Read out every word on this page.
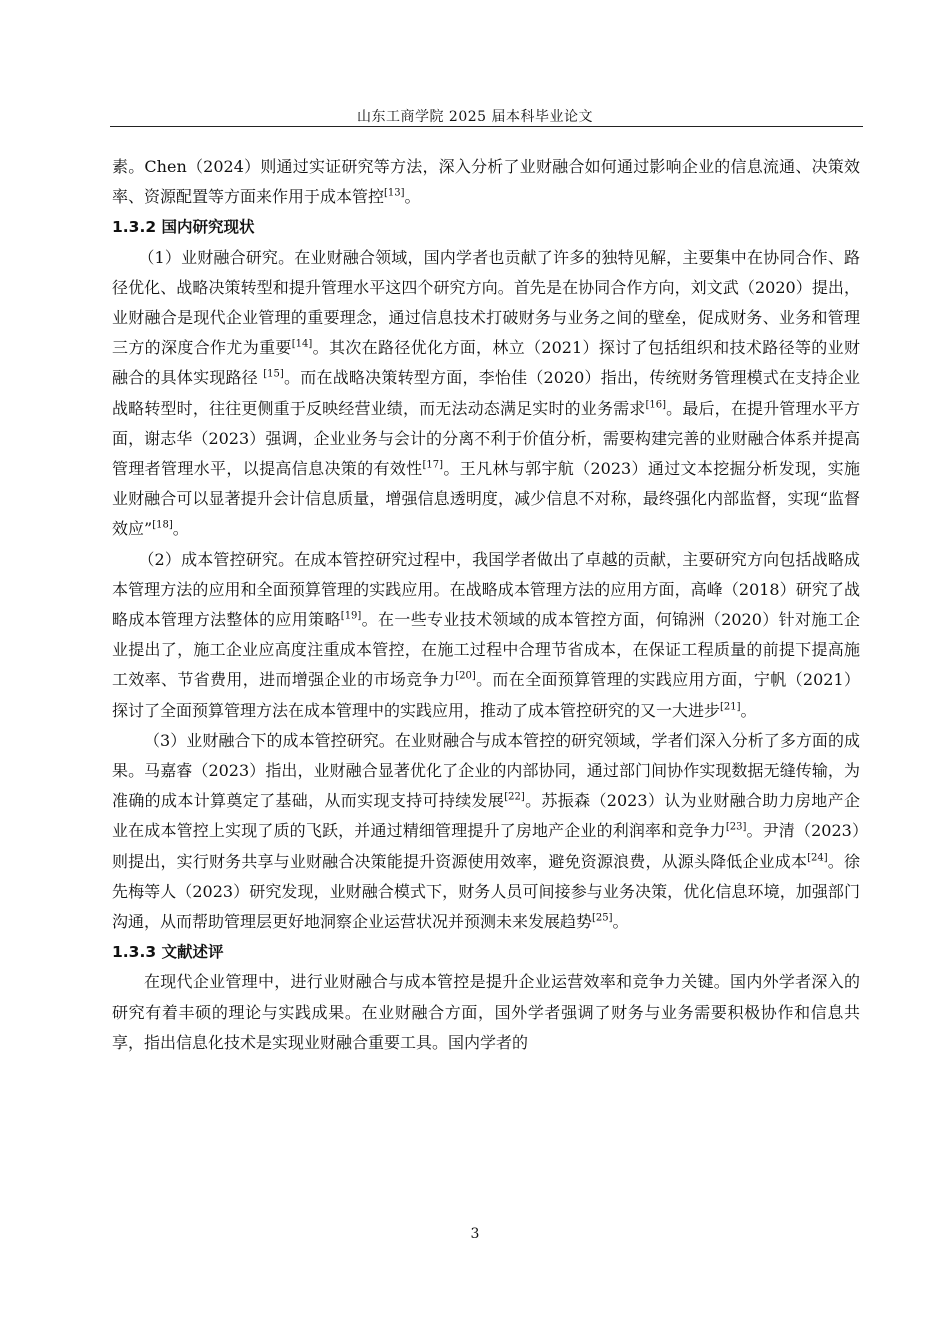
山东工商学院 2025 届本科毕业论文

素。Chen（2024）则通过实证研究等方法，深入分析了业财融合如何通过影响企业的信息流通、决策效率、资源配置等方面来作用于成本管控[13]。

1.3.2 国内研究现状

（1）业财融合研究。在业财融合领域，国内学者也贡献了许多的独特见解，主要集中在协同合作、路径优化、战略决策转型和提升管理水平这四个研究方向。首先是在协同合作方向，刘文武（2020）提出，业财融合是现代企业管理的重要理念，通过信息技术打破财务与业务之间的壁垒，促成财务、业务和管理三方的深度合作尤为重要[14]。其次在路径优化方面，林立（2021）探讨了包括组织和技术路径等的业财融合的具体实现路径 [15]。而在战略决策转型方面，李怡佳（2020）指出，传统财务管理模式在支持企业战略转型时，往往更侧重于反映经营业绩，而无法动态满足实时的业务需求[16]。最后，在提升管理水平方面，谢志华（2023）强调，企业业务与会计的分离不利于价值分析，需要构建完善的业财融合体系并提高管理者管理水平，以提高信息决策的有效性[17]。王凡林与郭宇航（2023）通过文本挖掘分析发现，实施业财融合可以显著提升会计信息质量，增强信息透明度，减少信息不对称，最终强化内部监督，实现“监督效应”[18]。

（2）成本管控研究。在成本管控研究过程中，我国学者做出了卓越的贡献，主要研究方向包括战略成本管理方法的应用和全面预算管理的实践应用。在战略成本管理方法的应用方面，高峰（2018）研究了战略成本管理方法整体的应用策略[19]。在一些专业技术领域的成本管控方面，何锦洲（2020）针对施工企业提出了，施工企业应高度注重成本管控，在施工过程中合理节省成本，在保证工程质量的前提下提高施工效率、节省费用，进而增强企业的市场竞争力[20]。而在全面预算管理的实践应用方面，宁帆（2021）探讨了全面预算管理方法在成本管理中的实践应用，推动了成本管控研究的又一大进步[21]。

（3）业财融合下的成本管控研究。在业财融合与成本管控的研究领域，学者们深入分析了多方面的成果。马嘉睿（2023）指出，业财融合显著优化了企业的内部协同，通过部门间协作实现数据无缝传输，为准确的成本计算奠定了基础，从而实现支持可持续发展[22]。苏振森（2023）认为业财融合助力房地产企业在成本管控上实现了质的飞跃，并通过精细管理提升了房地产企业的利润率和竞争力[23]。尹清（2023）则提出，实行财务共享与业财融合决策能提升资源使用效率，避免资源浪费，从源头降低企业成本[24]。徐先梅等人（2023）研究发现，业财融合模式下，财务人员可间接参与业务决策，优化信息环境，加强部门沟通，从而帮助管理层更好地洞察企业运营状况并预测未来发展趋势[25]。

1.3.3 文献述评

在现代企业管理中，进行业财融合与成本管控是提升企业运营效率和竞争力关键。国内外学者深入的研究有着丰硕的理论与实践成果。在业财融合方面，国外学者强调了财务与业务需要积极协作和信息共享，指出信息化技术是实现业财融合重要工具。国内学者的

3
